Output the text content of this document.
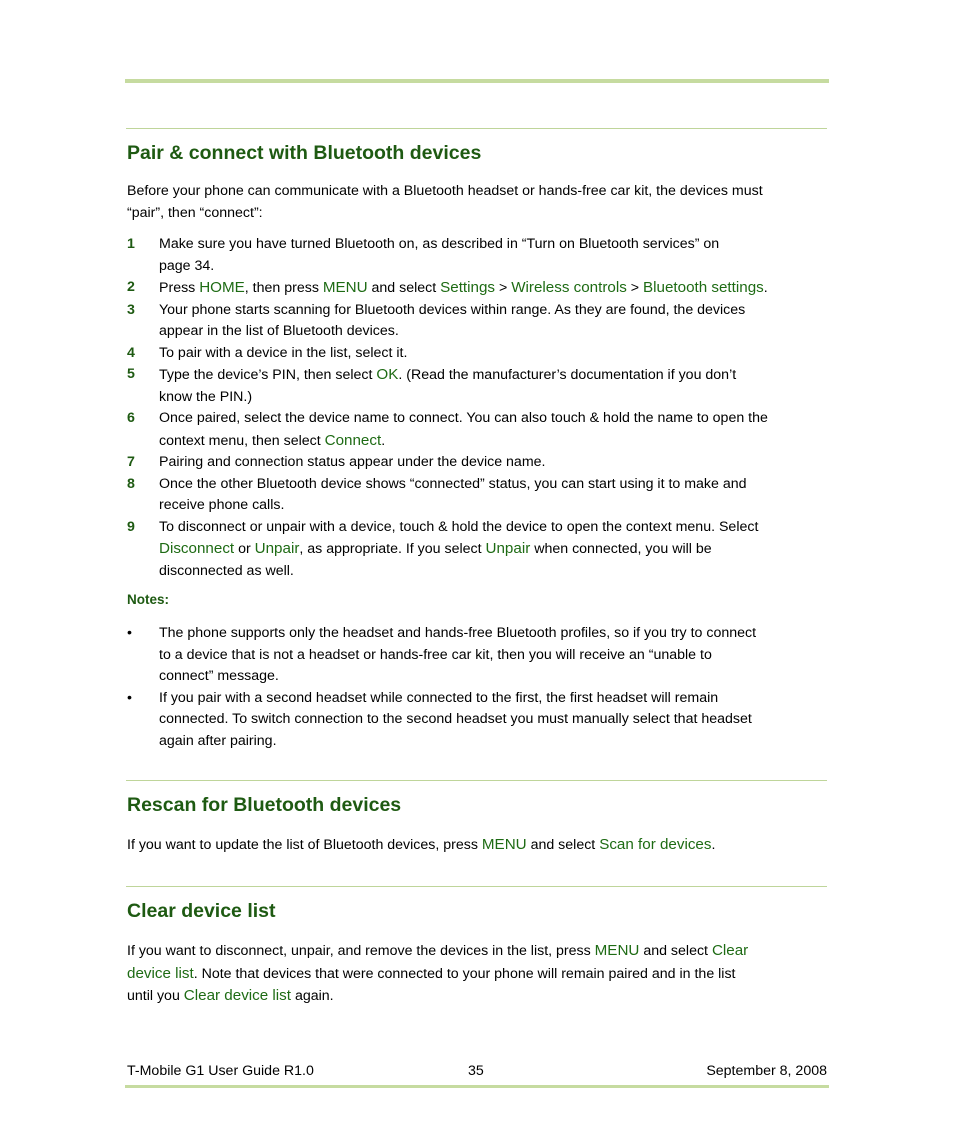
Pair & connect with Bluetooth devices
Before your phone can communicate with a Bluetooth headset or hands-free car kit, the devices must
“pair”, then “connect”:
1 Make sure you have turned Bluetooth on, as described in “Turn on Bluetooth services” on
page 34.
2 Press HOME, then press MENU and select Settings > Wireless controls > Bluetooth settings.
3 Your phone starts scanning for Bluetooth devices within range. As they are found, the devices
appear in the list of Bluetooth devices.
4 To pair with a device in the list, select it.
5 Type the device’s PIN, then select OK. (Read the manufacturer’s documentation if you don’t
know the PIN.)
6 Once paired, select the device name to connect. You can also touch & hold the name to open the
context menu, then select Connect.
7 Pairing and connection status appear under the device name.
8 Once the other Bluetooth device shows “connected” status, you can start using it to make and
receive phone calls.
9 To disconnect or unpair with a device, touch & hold the device to open the context menu. Select
Disconnect or Unpair, as appropriate. If you select Unpair when connected, you will be
disconnected as well.
Notes:
• The phone supports only the headset and hands-free Bluetooth profiles, so if you try to connect
to a device that is not a headset or hands-free car kit, then you will receive an “unable to
connect” message.
• If you pair with a second headset while connected to the first, the first headset will remain
connected. To switch connection to the second headset you must manually select that headset
again after pairing.
Rescan for Bluetooth devices
If you want to update the list of Bluetooth devices, press MENU and select Scan for devices.
Clear device list
If you want to disconnect, unpair, and remove the devices in the list, press MENU and select Clear
device list. Note that devices that were connected to your phone will remain paired and in the list
until you Clear device list again.
T-Mobile G1 User Guide R1.0	35	September 8, 2008
